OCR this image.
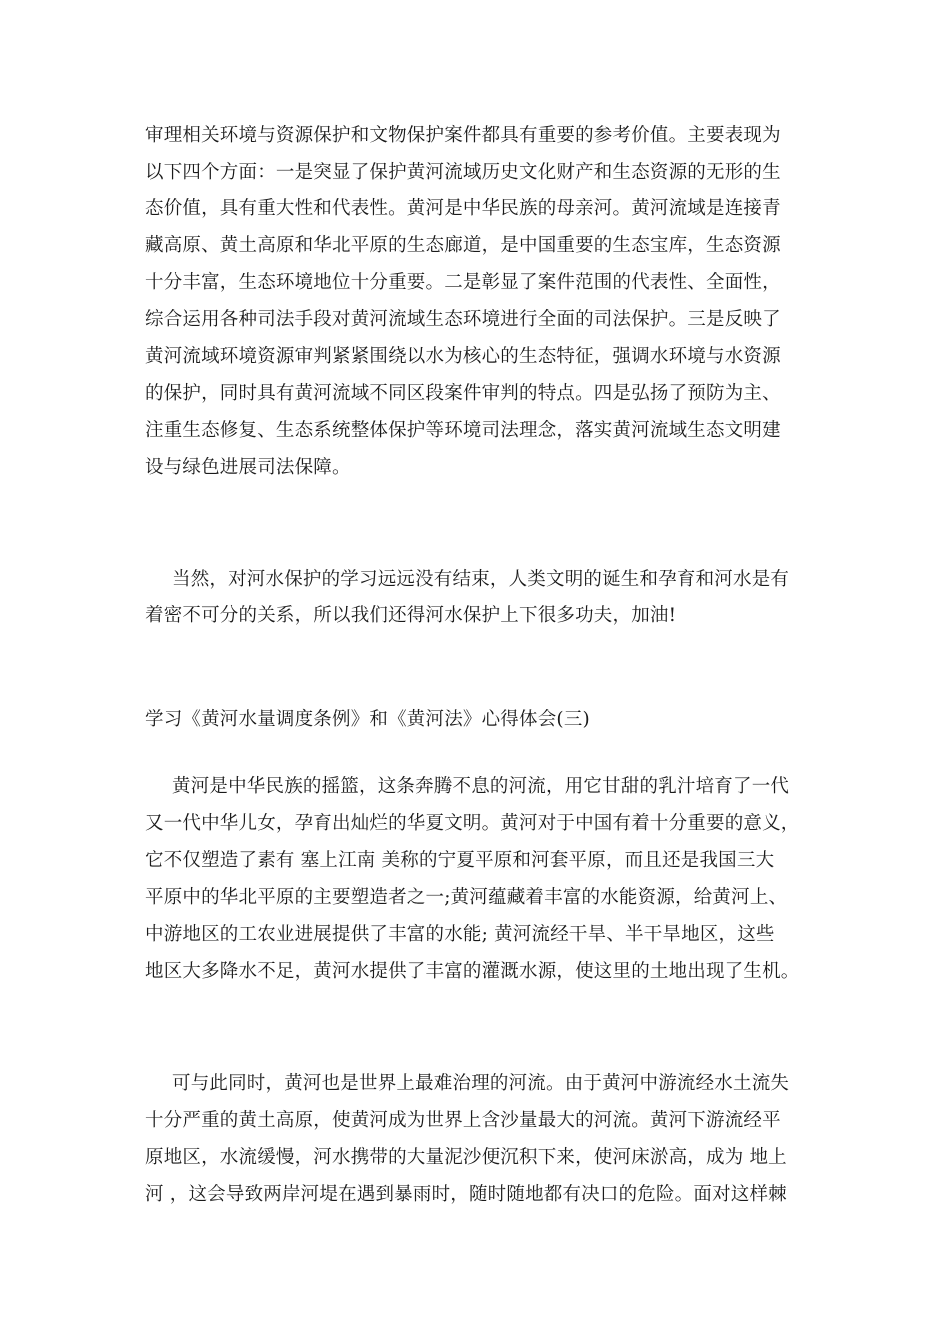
审理相关环境与资源保护和文物保护案件都具有重要的参考价值。主要表现为
以下四个方面：一是突显了保护黄河流域历史文化财产和生态资源的无形的生
态价值，具有重大性和代表性。黄河是中华民族的母亲河。黄河流域是连接青
藏高原、黄土高原和华北平原的生态廊道，是中国重要的生态宝库，生态资源
十分丰富，生态环境地位十分重要。二是彰显了案件范围的代表性、全面性，
综合运用各种司法手段对黄河流域生态环境进行全面的司法保护。三是反映了
黄河流域环境资源审判紧紧围绕以水为核心的生态特征，强调水环境与水资源
的保护，同时具有黄河流域不同区段案件审判的特点。四是弘扬了预防为主、
注重生态修复、生态系统整体保护等环境司法理念，落实黄河流域生态文明建
设与绿色进展司法保障。
当然，对河水保护的学习远远没有结束，人类文明的诞生和孕育和河水是有
着密不可分的关系，所以我们还得河水保护上下很多功夫，加油!
学习《黄河水量调度条例》和《黄河法》心得体会(三)
黄河是中华民族的摇篮，这条奔腾不息的河流，用它甘甜的乳汁培育了一代
又一代中华儿女，孕育出灿烂的华夏文明。黄河对于中国有着十分重要的意义，
它不仅塑造了素有 塞上江南 美称的宁夏平原和河套平原，而且还是我国三大
平原中的华北平原的主要塑造者之一;黄河蕴藏着丰富的水能资源，给黄河上、
中游地区的工农业进展提供了丰富的水能; 黄河流经干旱、半干旱地区，这些
地区大多降水不足，黄河水提供了丰富的灌溉水源，使这里的土地出现了生机。
可与此同时，黄河也是世界上最难治理的河流。由于黄河中游流经水土流失
十分严重的黄土高原，使黄河成为世界上含沙量最大的河流。黄河下游流经平
原地区，水流缓慢，河水携带的大量泥沙便沉积下来，使河床淤高，成为 地上
河 ，这会导致两岸河堤在遇到暴雨时，随时随地都有决口的危险。面对这样棘
